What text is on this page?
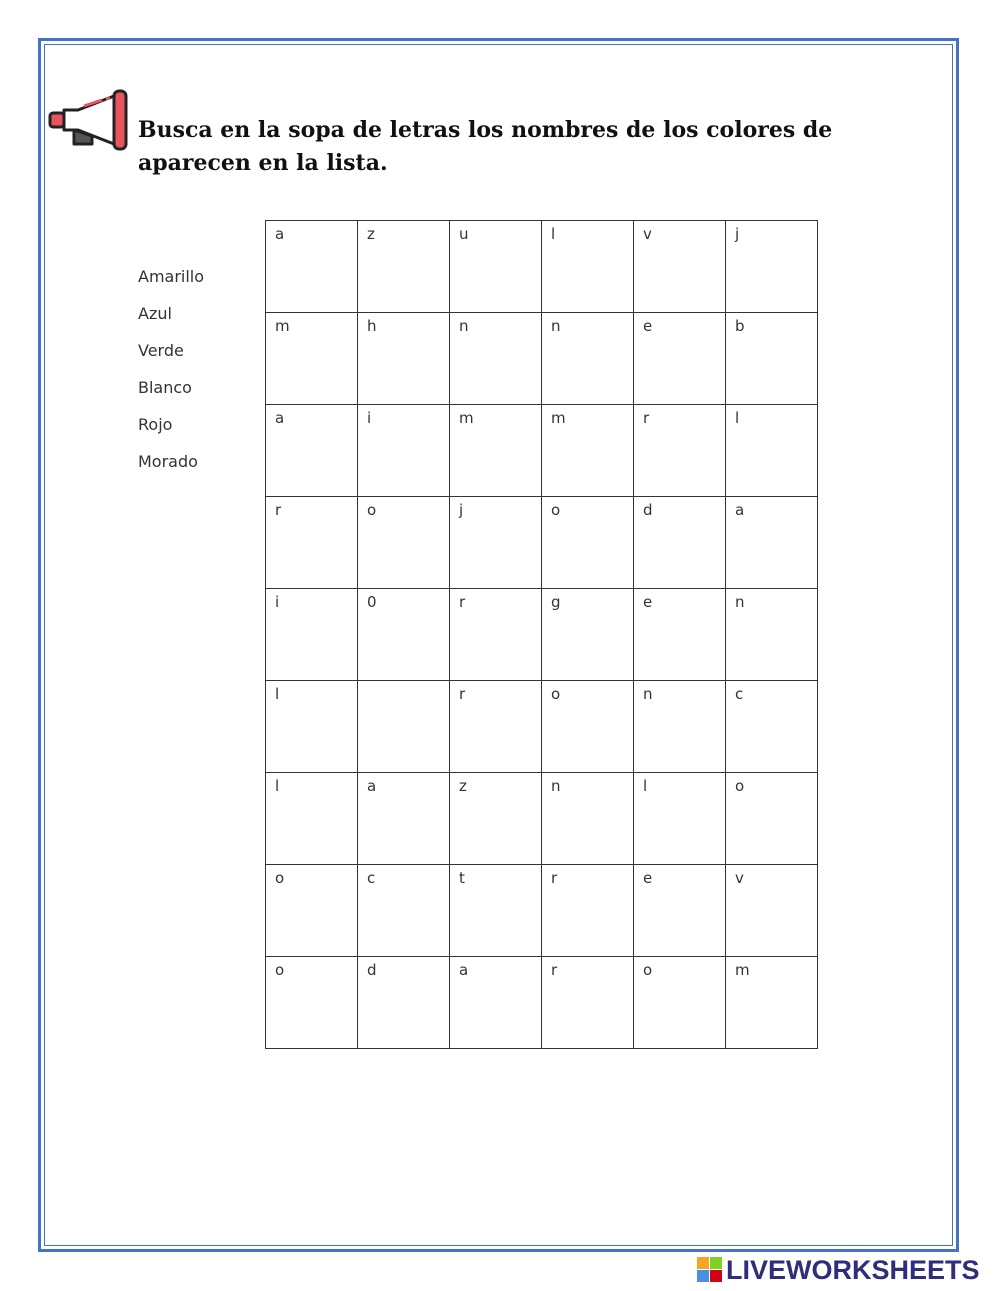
Busca en la sopa de letras los nombres de los colores de aparecen en la lista.
Amarillo
Azul
Verde
Blanco
Rojo
Morado
a	z	u	l	v	j
m	h	n	n	e	b
a	i	m	m	r	l
r	o	j	o	d	a
i	0	r	g	e	n
l		r	o	n	c
l	a	z	n	l	o
o	c	t	r	e	v
o	d	a	r	o	m
LIVEWORKSHEETS
